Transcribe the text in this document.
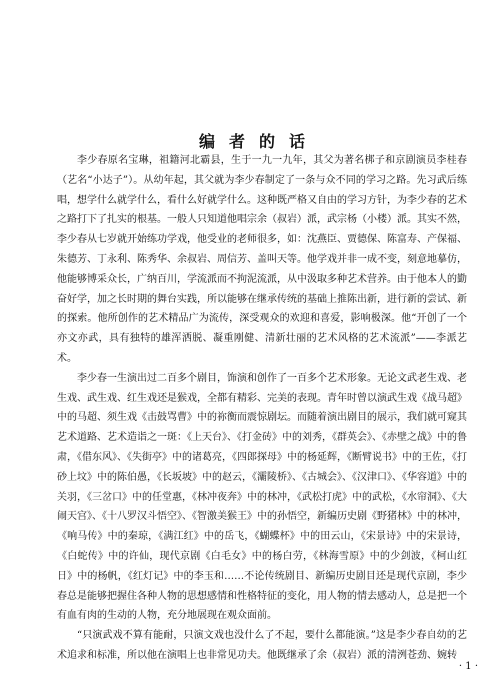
编者的话

李少春原名宝琳，祖籍河北霸县，生于一九一九年，其父为著名梆子和京剧演员李桂春（艺名“小达子”）。从幼年起，其父就为李少春制定了一条与众不同的学习之路。先习武后练唱，想学什么就学什么，看什么好就学什么。这种既严格又自由的学习方针，为李少春的艺术之路打下了扎实的根基。一般人只知道他唱宗余（叔岩）派，武宗杨（小楼）派。其实不然，李少春从七岁就开始练功学戏，他受业的老师很多，如：沈燕臣、贾德保、陈富寿、产保福、朱德芳、丁永利、陈秀华、余叔岩、周信芳、盖叫天等。他学戏并非一成不变，刻意地摹仿，他能够博采众长，广纳百川，学流派而不拘泥流派，从中汲取多种艺术营养。由于他本人的勤奋好学，加之长时期的舞台实践，所以能够在继承传统的基础上推陈出新，进行新的尝试、新的探索。他所创作的艺术精品广为流传，深受观众的欢迎和喜爱，影响极深。他“开创了一个亦文亦武，具有独特的雄浑洒脱、凝重刚健、清新壮丽的艺术风格的艺术流派”——李派艺术。

李少春一生演出过二百多个剧目，饰演和创作了一百多个艺术形象。无论文武老生戏、老生戏、武生戏、红生戏还是猴戏，全都有精彩、完美的表现。青年时曾以演武生戏《战马超》中的马超、须生戏《击鼓骂曹》中的祢衡而震惊剧坛。而随着演出剧目的展示，我们就可窥其艺术道路、艺术造诣之一斑：《上天台》、《打金砖》中的刘秀，《群英会》、《赤壁之战》中的鲁肃，《借东风》、《失街亭》中的诸葛亮，《四郎探母》中的杨延辉，《断臂说书》中的王佐，《打砂上坟》中的陈伯愚，《长坂坡》中的赵云，《灞陵桥》、《古城会》、《汉津口》、《华容道》中的关羽，《三岔口》中的任堂惠，《林冲夜奔》中的林冲，《武松打虎》中的武松，《水帘洞》、《大闹天宫》、《十八罗汉斗悟空》、《智激美猴王》中的孙悟空，新编历史剧《野猪林》中的林冲，《响马传》中的秦琼，《满江红》中的岳飞，《蝴蝶杯》中的田云山，《宋景诗》中的宋景诗，《白蛇传》中的许仙，现代京剧《白毛女》中的杨白劳，《林海雪原》中的少剑波，《柯山红日》中的杨帆，《红灯记》中的李玉和……不论传统剧目、新编历史剧目还是现代京剧，李少春总是能够把握住各种人物的思想感情和性格特征的变化，用人物的情去感动人，总是把一个有血有肉的生动的人物，充分地展现在观众面前。

“只演武戏不算有能耐，只演文戏也没什么了不起，要什么都能演。”这是李少春自幼的艺术追求和标准，所以他在演唱上也非常见功夫。他既继承了余（叔岩）派的清洌苍劲、婉转

· 1 ·
